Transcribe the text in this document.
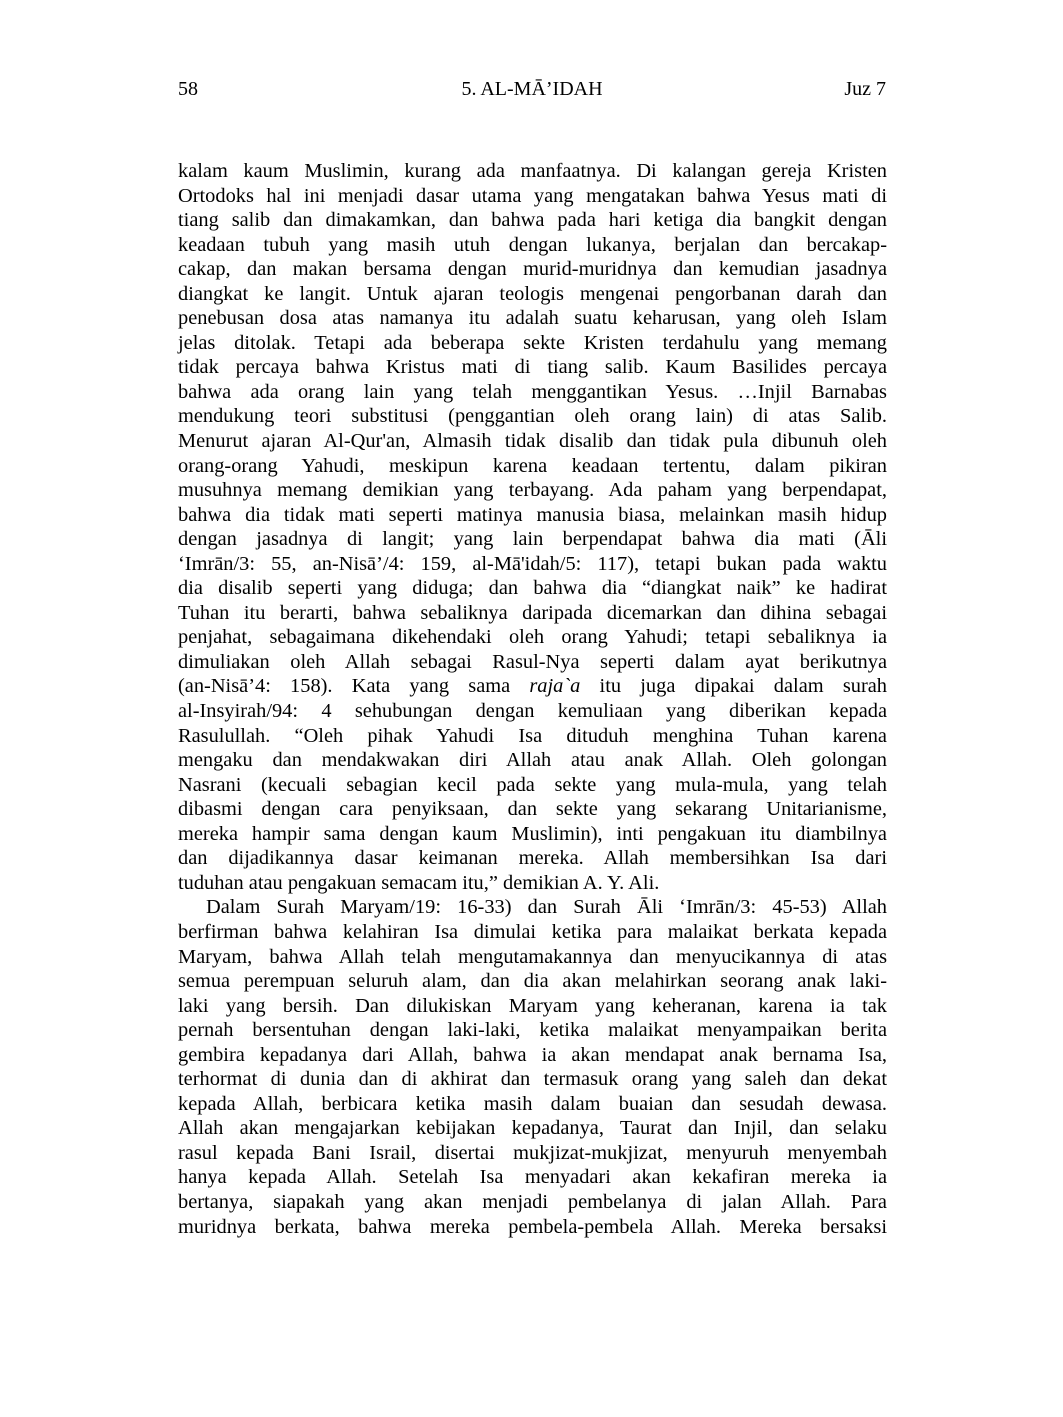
58	5. AL-MĀ’IDAH	Juz 7
kalam kaum Muslimin, kurang ada manfaatnya. Di kalangan gereja Kristen
Ortodoks hal ini menjadi dasar utama yang mengatakan bahwa Yesus mati di
tiang salib dan dimakamkan, dan bahwa pada hari ketiga dia bangkit dengan
keadaan tubuh yang masih utuh dengan lukanya, berjalan dan bercakap-
cakap, dan makan bersama dengan murid-muridnya dan kemudian jasadnya
diangkat ke langit. Untuk ajaran teologis mengenai pengorbanan darah dan
penebusan dosa atas namanya itu adalah suatu keharusan, yang oleh Islam
jelas ditolak. Tetapi ada beberapa sekte Kristen terdahulu yang memang
tidak percaya bahwa Kristus mati di tiang salib. Kaum Basilides percaya
bahwa ada orang lain yang telah menggantikan Yesus. …Injil Barnabas
mendukung teori substitusi (penggantian oleh orang lain) di atas Salib.
Menurut ajaran Al-Qur'an, Almasih tidak disalib dan tidak pula dibunuh oleh
orang-orang Yahudi, meskipun karena keadaan tertentu, dalam pikiran
musuhnya memang demikian yang terbayang. Ada paham yang berpendapat,
bahwa dia tidak mati seperti matinya manusia biasa, melainkan masih hidup
dengan jasadnya di langit; yang lain berpendapat bahwa dia mati (Āli
‘Imrān/3: 55, an-Nisā’/4: 159, al-Mā'idah/5: 117), tetapi bukan pada waktu
dia disalib seperti yang diduga; dan bahwa dia “diangkat naik” ke hadirat
Tuhan itu berarti, bahwa sebaliknya daripada dicemarkan dan dihina sebagai
penjahat, sebagaimana dikehendaki oleh orang Yahudi; tetapi sebaliknya ia
dimuliakan oleh Allah sebagai Rasul-Nya seperti dalam ayat berikutnya
(an-Nisā’4: 158). Kata yang sama raja`a itu juga dipakai dalam surah
al-Insyirah/94: 4 sehubungan dengan kemuliaan yang diberikan kepada
Rasulullah. “Oleh pihak Yahudi Isa dituduh menghina Tuhan karena
mengaku dan mendakwakan diri Allah atau anak Allah. Oleh golongan
Nasrani (kecuali sebagian kecil pada sekte yang mula-mula, yang telah
dibasmi dengan cara penyiksaan, dan sekte yang sekarang Unitarianisme,
mereka hampir sama dengan kaum Muslimin), inti pengakuan itu diambilnya
dan dijadikannya dasar keimanan mereka. Allah membersihkan Isa dari
tuduhan atau pengakuan semacam itu,” demikian A. Y. Ali.
Dalam Surah Maryam/19: 16-33) dan Surah Āli ‘Imrān/3: 45-53) Allah
berfirman bahwa kelahiran Isa dimulai ketika para malaikat berkata kepada
Maryam, bahwa Allah telah mengutamakannya dan menyucikannya di atas
semua perempuan seluruh alam, dan dia akan melahirkan seorang anak laki-
laki yang bersih. Dan dilukiskan Maryam yang keheranan, karena ia tak
pernah bersentuhan dengan laki-laki, ketika malaikat menyampaikan berita
gembira kepadanya dari Allah, bahwa ia akan mendapat anak bernama Isa,
terhormat di dunia dan di akhirat dan termasuk orang yang saleh dan dekat
kepada Allah, berbicara ketika masih dalam buaian dan sesudah dewasa.
Allah akan mengajarkan kebijakan kepadanya, Taurat dan Injil, dan selaku
rasul kepada Bani Israil, disertai mukjizat-mukjizat, menyuruh menyembah
hanya kepada Allah. Setelah Isa menyadari akan kekafiran mereka ia
bertanya, siapakah yang akan menjadi pembelanya di jalan Allah. Para
muridnya berkata, bahwa mereka pembela-pembela Allah. Mereka bersaksi
